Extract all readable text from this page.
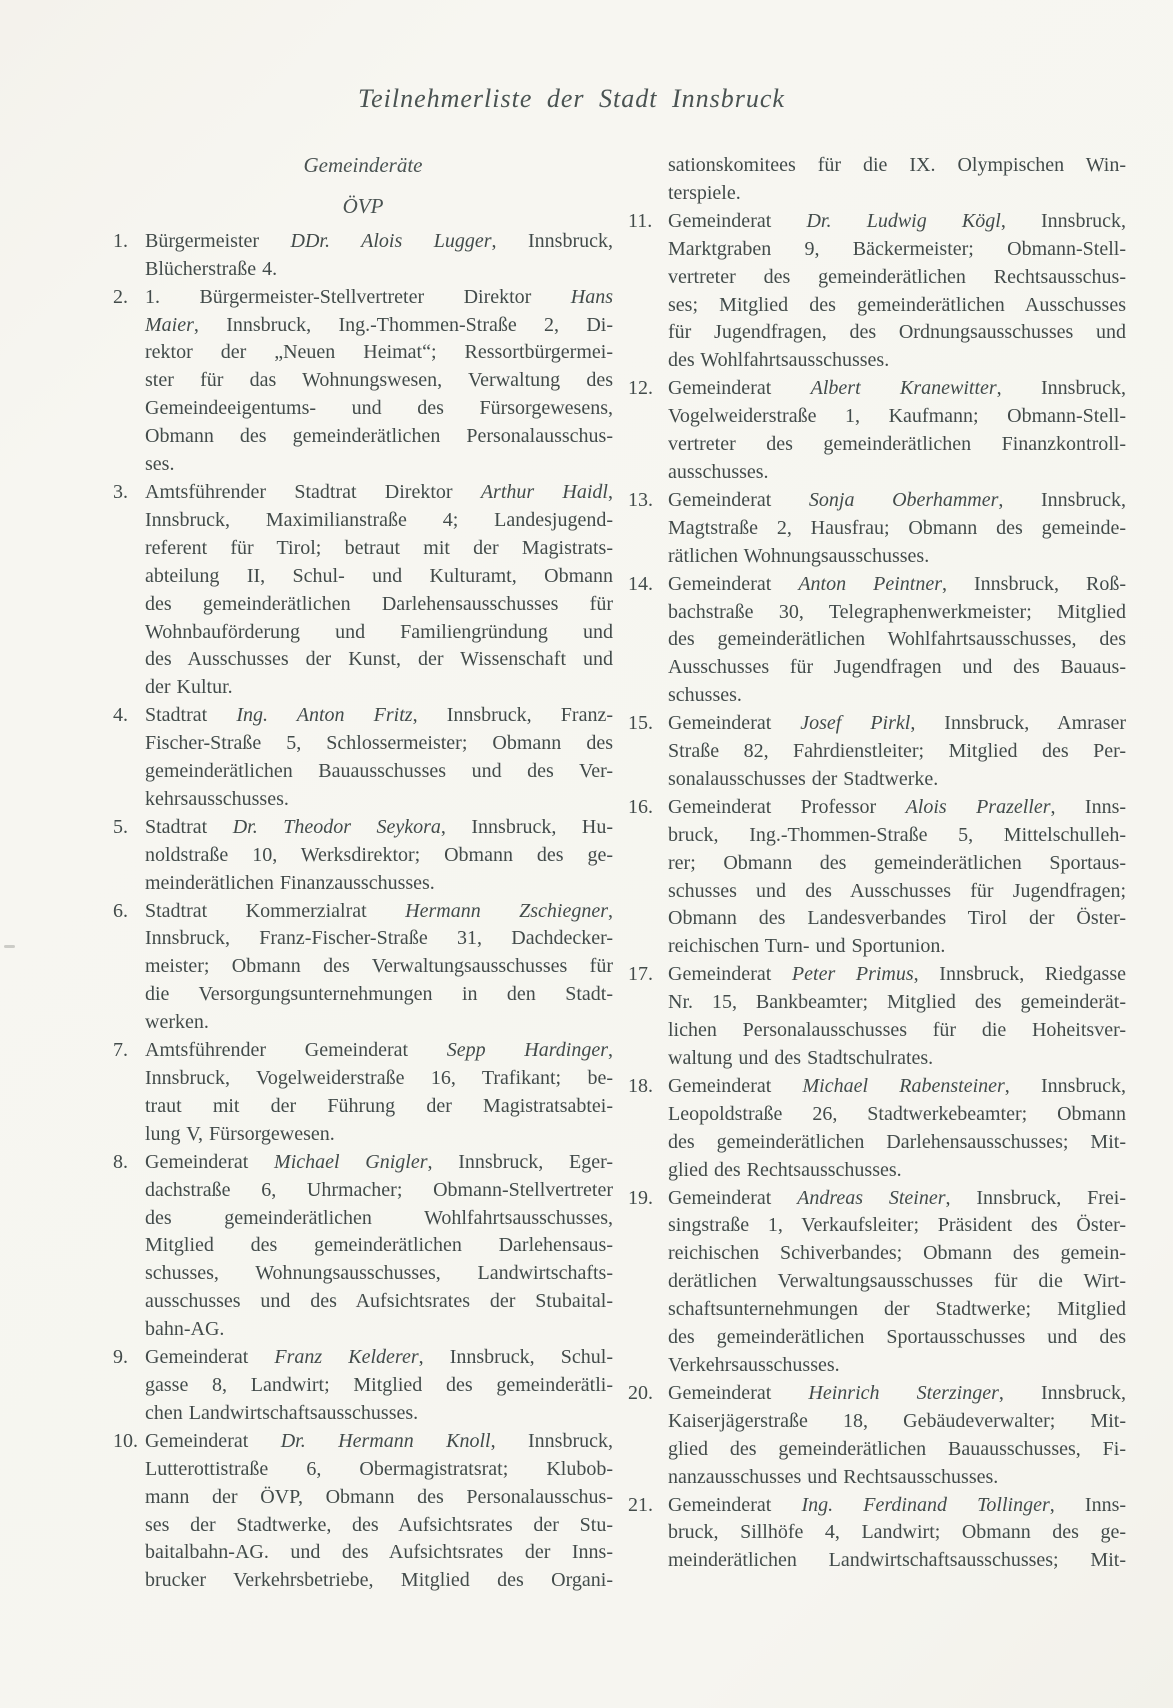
Teilnehmerliste der Stadt Innsbruck
Gemeinderäte
ÖVP
1. Bürgermeister DDr. Alois Lugger, Innsbruck,
Blücherstraße 4.
2. 1. Bürgermeister-Stellvertreter Direktor Hans
Maier, Innsbruck, Ing.-Thommen-Straße 2, Di-
rektor der „Neuen Heimat“; Ressortbürgermei-
ster für das Wohnungswesen, Verwaltung des
Gemeindeeigentums- und des Fürsorgewesens,
Obmann des gemeinderätlichen Personalausschus-
ses.
3. Amtsführender Stadtrat Direktor Arthur Haidl,
Innsbruck, Maximilianstraße 4; Landesjugend-
referent für Tirol; betraut mit der Magistrats-
abteilung II, Schul- und Kulturamt, Obmann
des gemeinderätlichen Darlehensausschusses für
Wohnbauförderung und Familiengründung und
des Ausschusses der Kunst, der Wissenschaft und
der Kultur.
4. Stadtrat Ing. Anton Fritz, Innsbruck, Franz-
Fischer-Straße 5, Schlossermeister; Obmann des
gemeinderätlichen Bauausschusses und des Ver-
kehrsausschusses.
5. Stadtrat Dr. Theodor Seykora, Innsbruck, Hu-
noldstraße 10, Werksdirektor; Obmann des ge-
meinderätlichen Finanzausschusses.
6. Stadtrat Kommerzialrat Hermann Zschiegner,
Innsbruck, Franz-Fischer-Straße 31, Dachdecker-
meister; Obmann des Verwaltungsausschusses für
die Versorgungsunternehmungen in den Stadt-
werken.
7. Amtsführender Gemeinderat Sepp Hardinger,
Innsbruck, Vogelweiderstraße 16, Trafikant; be-
traut mit der Führung der Magistratsabtei-
lung V, Fürsorgewesen.
8. Gemeinderat Michael Gnigler, Innsbruck, Eger-
dachstraße 6, Uhrmacher; Obmann-Stellvertreter
des gemeinderätlichen Wohlfahrtsausschusses,
Mitglied des gemeinderätlichen Darlehensaus-
schusses, Wohnungsausschusses, Landwirtschafts-
ausschusses und des Aufsichtsrates der Stubaital-
bahn-AG.
9. Gemeinderat Franz Kelderer, Innsbruck, Schul-
gasse 8, Landwirt; Mitglied des gemeinderätli-
chen Landwirtschaftsausschusses.
10. Gemeinderat Dr. Hermann Knoll, Innsbruck,
Lutterottistraße 6, Obermagistratsrat; Klubob-
mann der ÖVP, Obmann des Personalausschus-
ses der Stadtwerke, des Aufsichtsrates der Stu-
baitalbahn-AG. und des Aufsichtsrates der Inns-
brucker Verkehrsbetriebe, Mitglied des Organi-
sationskomitees für die IX. Olympischen Win-
terspiele.
11. Gemeinderat Dr. Ludwig Kögl, Innsbruck,
Marktgraben 9, Bäckermeister; Obmann-Stell-
vertreter des gemeinderätlichen Rechtsausschus-
ses; Mitglied des gemeinderätlichen Ausschusses
für Jugendfragen, des Ordnungsausschusses und
des Wohlfahrtsausschusses.
12. Gemeinderat Albert Kranewitter, Innsbruck,
Vogelweiderstraße 1, Kaufmann; Obmann-Stell-
vertreter des gemeinderätlichen Finanzkontroll-
ausschusses.
13. Gemeinderat Sonja Oberhammer, Innsbruck,
Magtstraße 2, Hausfrau; Obmann des gemeinde-
rätlichen Wohnungsausschusses.
14. Gemeinderat Anton Peintner, Innsbruck, Roß-
bachstraße 30, Telegraphenwerkmeister; Mitglied
des gemeinderätlichen Wohlfahrtsausschusses, des
Ausschusses für Jugendfragen und des Bauaus-
schusses.
15. Gemeinderat Josef Pirkl, Innsbruck, Amraser
Straße 82, Fahrdienstleiter; Mitglied des Per-
sonalausschusses der Stadtwerke.
16. Gemeinderat Professor Alois Prazeller, Inns-
bruck, Ing.-Thommen-Straße 5, Mittelschulleh-
rer; Obmann des gemeinderätlichen Sportaus-
schusses und des Ausschusses für Jugendfragen;
Obmann des Landesverbandes Tirol der Öster-
reichischen Turn- und Sportunion.
17. Gemeinderat Peter Primus, Innsbruck, Riedgasse
Nr. 15, Bankbeamter; Mitglied des gemeinderät-
lichen Personalausschusses für die Hoheitsver-
waltung und des Stadtschulrates.
18. Gemeinderat Michael Rabensteiner, Innsbruck,
Leopoldstraße 26, Stadtwerkebeamter; Obmann
des gemeinderätlichen Darlehensausschusses; Mit-
glied des Rechtsausschusses.
19. Gemeinderat Andreas Steiner, Innsbruck, Frei-
singstraße 1, Verkaufsleiter; Präsident des Öster-
reichischen Schiverbandes; Obmann des gemein-
derätlichen Verwaltungsausschusses für die Wirt-
schaftsunternehmungen der Stadtwerke; Mitglied
des gemeinderätlichen Sportausschusses und des
Verkehrsausschusses.
20. Gemeinderat Heinrich Sterzinger, Innsbruck,
Kaiserjägerstraße 18, Gebäudeverwalter; Mit-
glied des gemeinderätlichen Bauausschusses, Fi-
nanzausschusses und Rechtsausschusses.
21. Gemeinderat Ing. Ferdinand Tollinger, Inns-
bruck, Sillhöfe 4, Landwirt; Obmann des ge-
meinderätlichen Landwirtschaftsausschusses; Mit-
